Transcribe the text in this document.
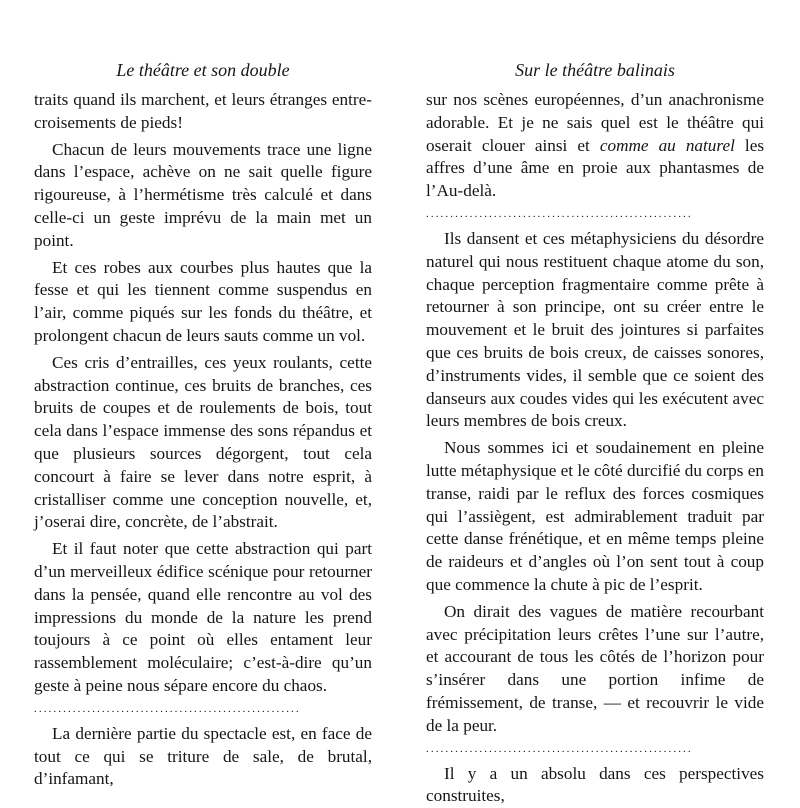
Le théâtre et son double

traits quand ils marchent, et leurs étranges entre-croisements de pieds!

Chacun de leurs mouvements trace une ligne dans l’espace, achève on ne sait quelle figure rigoureuse, à l’hermétisme très calculé et dans celle-ci un geste imprévu de la main met un point.

Et ces robes aux courbes plus hautes que la fesse et qui les tiennent comme suspendus en l’air, comme piqués sur les fonds du théâtre, et prolongent chacun de leurs sauts comme un vol.

Ces cris d’entrailles, ces yeux roulants, cette abstraction continue, ces bruits de branches, ces bruits de coupes et de roulements de bois, tout cela dans l’espace immense des sons répandus et que plusieurs sources dégorgent, tout cela concourt à faire se lever dans notre esprit, à cristalliser comme une conception nouvelle, et, j’oserai dire, concrète, de l’abstrait.

Et il faut noter que cette abstraction qui part d’un merveilleux édifice scénique pour retourner dans la pensée, quand elle rencontre au vol des impressions du monde de la nature les prend toujours à ce point où elles entament leur rassemblement moléculaire; c’est-à-dire qu’un geste à peine nous sépare encore du chaos.

.......................................................

La dernière partie du spectacle est, en face de tout ce qui se triture de sale, de brutal, d’infamant,

Sur le théâtre balinais

sur nos scènes européennes, d’un anachronisme adorable. Et je ne sais quel est le théâtre qui oserait clouer ainsi et comme au naturel les affres d’une âme en proie aux phantasmes de l’Au-delà.

.......................................................

Ils dansent et ces métaphysiciens du désordre naturel qui nous restituent chaque atome du son, chaque perception fragmentaire comme prête à retourner à son principe, ont su créer entre le mouvement et le bruit des jointures si parfaites que ces bruits de bois creux, de caisses sonores, d’instruments vides, il semble que ce soient des danseurs aux coudes vides qui les exécutent avec leurs membres de bois creux.

Nous sommes ici et soudainement en pleine lutte métaphysique et le côté durcifié du corps en transe, raidi par le reflux des forces cosmiques qui l’assiègent, est admirablement traduit par cette danse frénétique, et en même temps pleine de raideurs et d’angles où l’on sent tout à coup que commence la chute à pic de l’esprit.

On dirait des vagues de matière recourbant avec précipitation leurs crêtes l’une sur l’autre, et accourant de tous les côtés de l’horizon pour s’insérer dans une portion infime de frémissement, de transe, — et recouvrir le vide de la peur.

.......................................................

Il y a un absolu dans ces perspectives construites,
